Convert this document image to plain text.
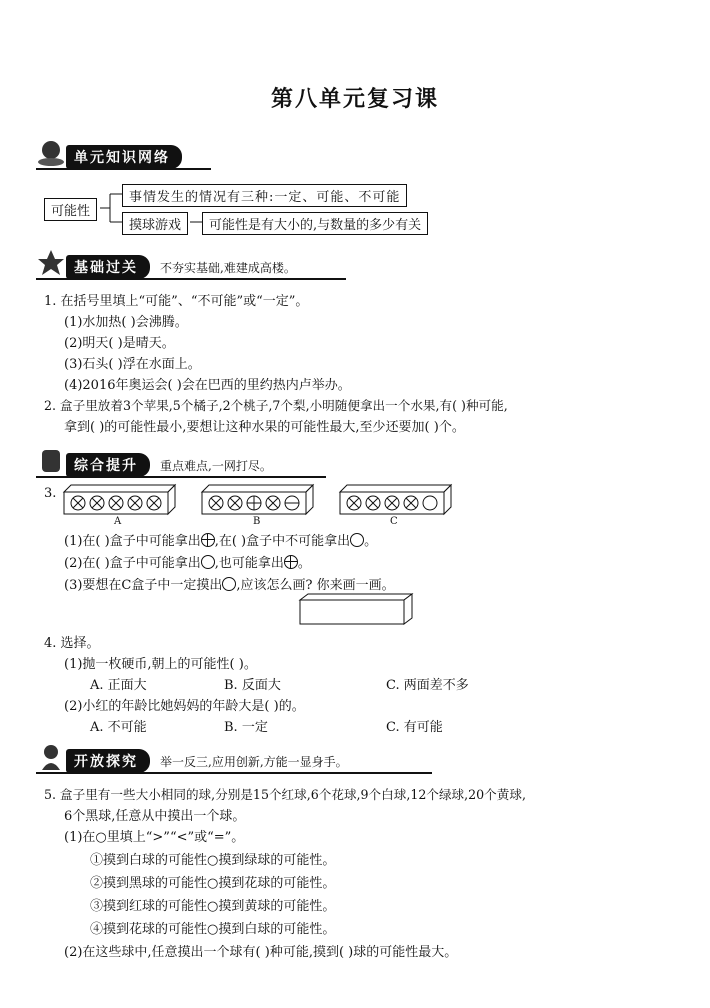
第八单元复习课
单元知识网络
可能性
事情发生的情况有三种:一定、可能、不可能
摸球游戏	可能性是有大小的,与数量的多少有关
基础过关	不夯实基础,难建成高楼。
1. 在括号里填上“可能”、“不可能”或“一定”。
(1)水加热( )会沸腾。
(2)明天( )是晴天。
(3)石头( )浮在水面上。
(4)2016年奥运会( )会在巴西的里约热内卢举办。
2. 盒子里放着3个苹果,5个橘子,2个桃子,7个梨,小明随便拿出一个水果,有( )种可能,
拿到( )的可能性最小,要想让这种水果的可能性最大,至少还要加( )个。
综合提升	重点难点,一网打尽。
3.
A	B	C
(1)在( )盒子中可能拿出 ,在( )盒子中不可能拿出 。
(2)在( )盒子中可能拿出 ,也可能拿出 。
(3)要想在C盒子中一定摸出 ,应该怎么画? 你来画一画。
4. 选择。
(1)抛一枚硬币,朝上的可能性( )。
A. 正面大	B. 反面大	C. 两面差不多
(2)小红的年龄比她妈妈的年龄大是( )的。
A. 不可能	B. 一定	C. 有可能
开放探究	举一反三,应用创新,方能一显身手。
5. 盒子里有一些大小相同的球,分别是15个红球,6个花球,9个白球,12个绿球,20个黄球,
6个黑球,任意从中摸出一个球。
(1)在○里填上“>”“<”或“=”。
①摸到白球的可能性○摸到绿球的可能性。
②摸到黑球的可能性○摸到花球的可能性。
③摸到红球的可能性○摸到黄球的可能性。
④摸到花球的可能性○摸到白球的可能性。
(2)在这些球中,任意摸出一个球有( )种可能,摸到( )球的可能性最大。
